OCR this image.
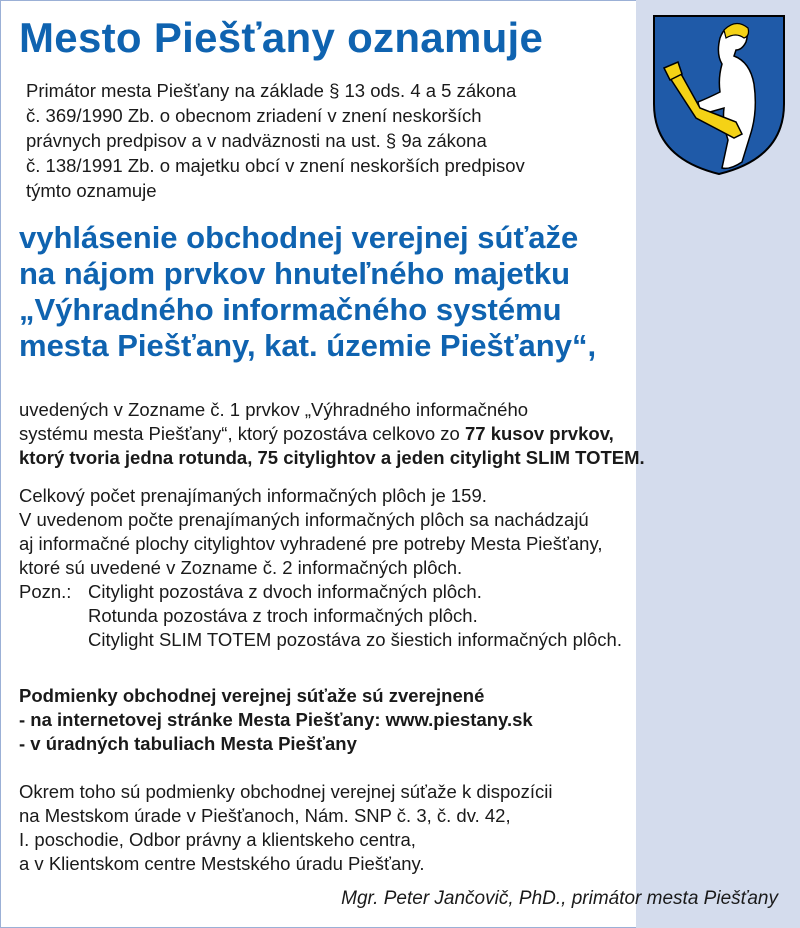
Mesto Piešťany oznamuje
Primátor mesta Piešťany na základe § 13 ods. 4 a 5 zákona
č. 369/1990 Zb. o obecnom zriadení v znení neskorších
právnych predpisov a v nadväznosti na ust. § 9a zákona
č. 138/1991 Zb. o majetku obcí v znení neskorších predpisov
týmto oznamuje
vyhlásenie obchodnej verejnej súťaže
na nájom prvkov hnuteľného majetku
„Výhradného informačného systému
mesta Piešťany, kat. územie Piešťany“,
uvedených v Zozname č. 1 prvkov „Výhradného informačného
systému mesta Piešťany“, ktorý pozostáva celkovo zo 77 kusov prvkov,
ktorý tvoria jedna rotunda, 75 citylightov a jeden citylight SLIM TOTEM.
Celkový počet prenajímaných informačných plôch je 159.
V uvedenom počte prenajímaných informačných plôch sa nachádzajú
aj informačné plochy citylightov vyhradené pre potreby Mesta Piešťany,
ktoré sú uvedené v Zozname č. 2 informačných plôch.
Pozn.: Citylight pozostáva z dvoch informačných plôch.
Rotunda pozostáva z troch informačných plôch.
Citylight SLIM TOTEM pozostáva zo šiestich informačných plôch.
Podmienky obchodnej verejnej súťaže sú zverejnené
- na internetovej stránke Mesta Piešťany: www.piestany.sk
- v úradných tabuliach Mesta Piešťany
Okrem toho sú podmienky obchodnej verejnej súťaže k dispozícii
na Mestskom úrade v Piešťanoch, Nám. SNP č. 3, č. dv. 42,
I. poschodie, Odbor právny a klientskeho centra,
a v Klientskom centre Mestského úradu Piešťany.
Mgr. Peter Jančovič, PhD., primátor mesta Piešťany
